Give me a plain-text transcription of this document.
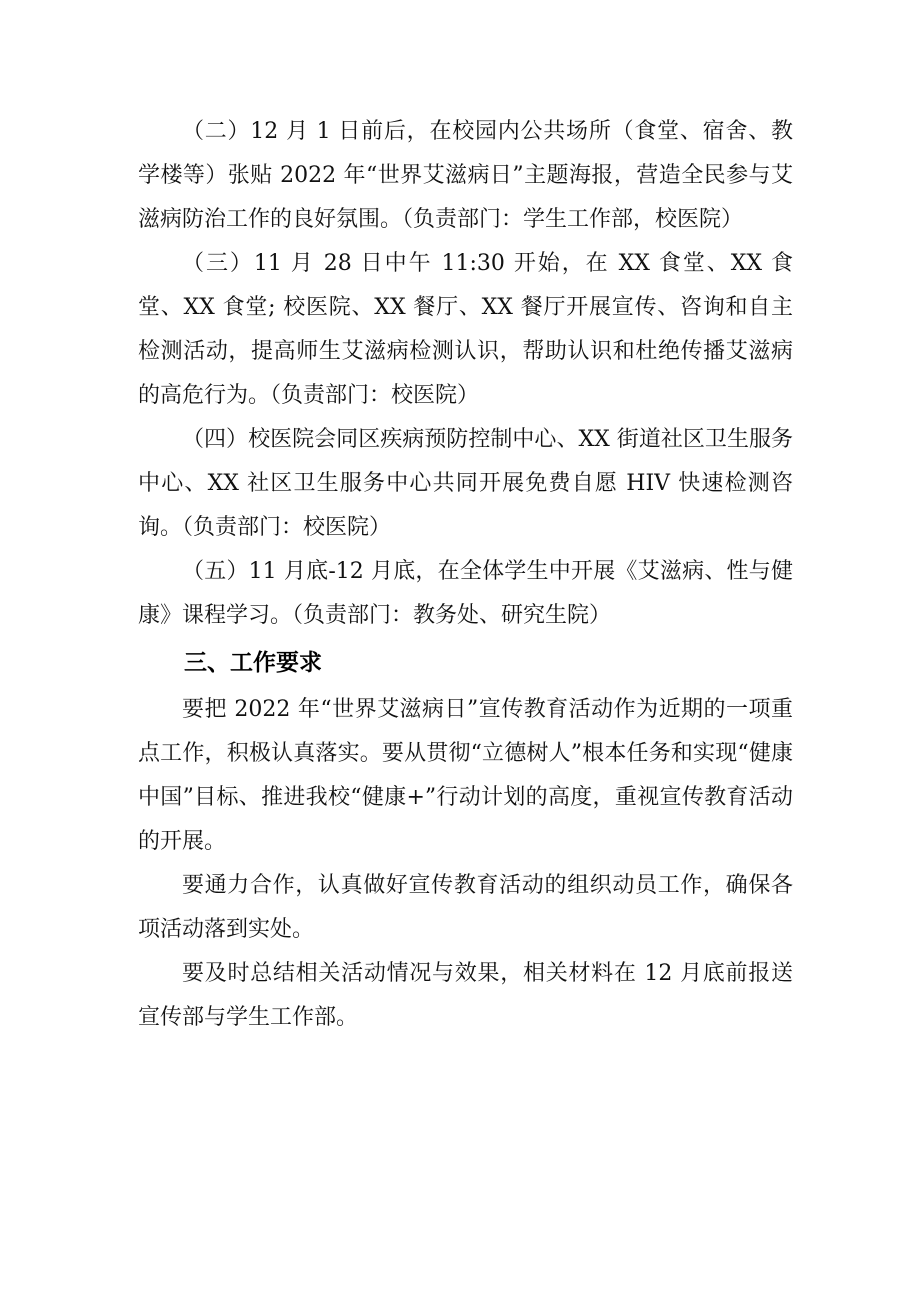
（二）12 月 1 日前后，在校园内公共场所（食堂、宿舍、教学楼等）张贴 2022 年“世界艾滋病日”主题海报，营造全民参与艾滋病防治工作的良好氛围。（负责部门：学生工作部，校医院）

（三）11 月 28 日中午 11:30 开始，在 XX 食堂、XX 食堂、XX 食堂; 校医院、XX 餐厅、XX 餐厅开展宣传、咨询和自主检测活动，提高师生艾滋病检测认识，帮助认识和杜绝传播艾滋病的高危行为。（负责部门：校医院）

（四）校医院会同区疾病预防控制中心、XX 街道社区卫生服务中心、XX 社区卫生服务中心共同开展免费自愿 HIV 快速检测咨询。（负责部门：校医院）

（五）11 月底-12 月底，在全体学生中开展《艾滋病、性与健康》课程学习。（负责部门：教务处、研究生院）

三、工作要求

要把 2022 年“世界艾滋病日”宣传教育活动作为近期的一项重点工作，积极认真落实。要从贯彻“立德树人”根本任务和实现“健康中国”目标、推进我校“健康+”行动计划的高度，重视宣传教育活动的开展。

要通力合作，认真做好宣传教育活动的组织动员工作，确保各项活动落到实处。

要及时总结相关活动情况与效果，相关材料在 12 月底前报送宣传部与学生工作部。
